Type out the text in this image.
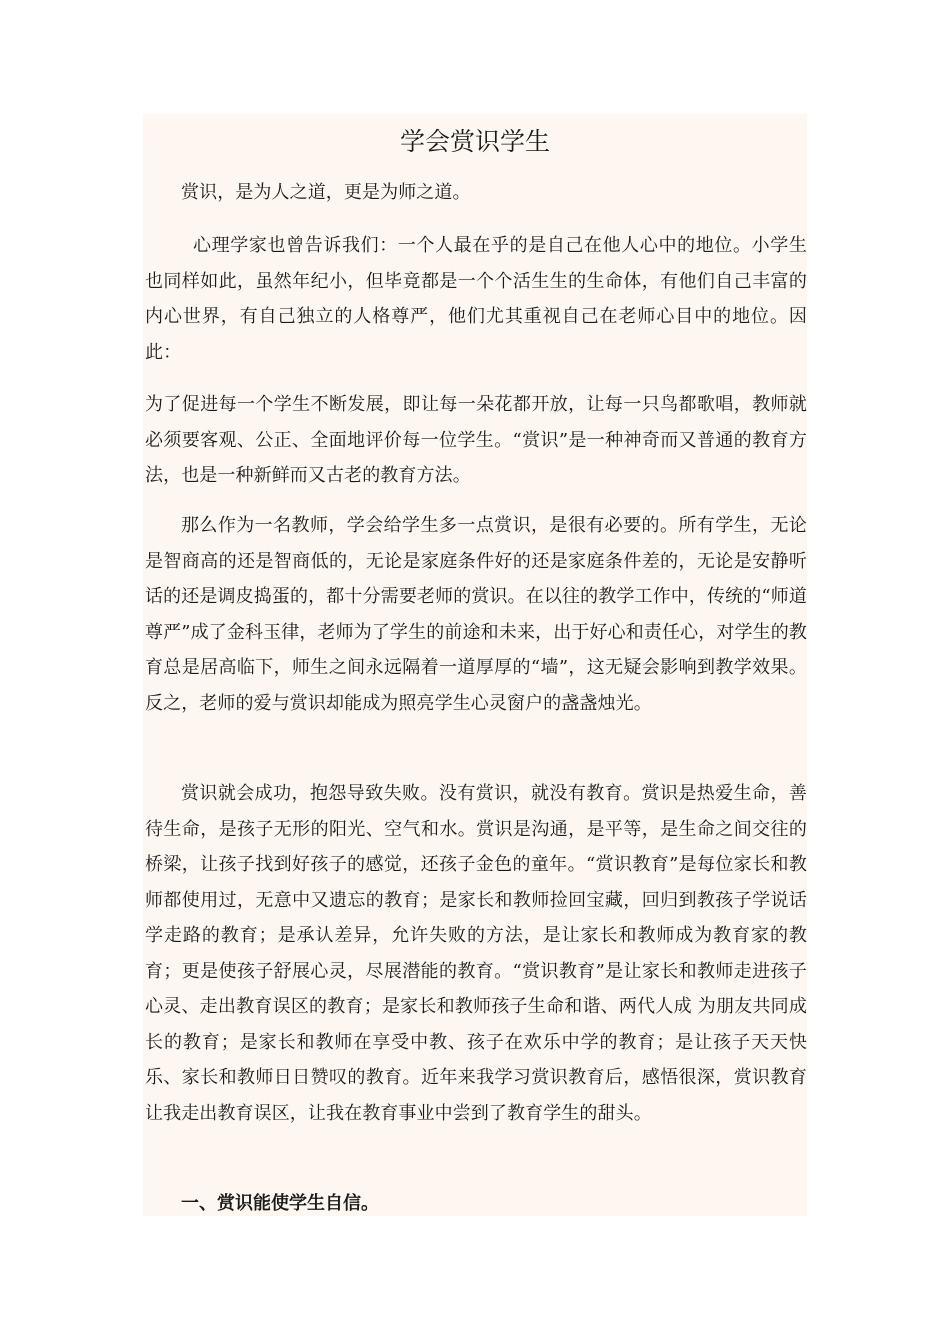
学会赏识学生

赏识，是为人之道，更是为师之道。

心理学家也曾告诉我们：一个人最在乎的是自己在他人心中的地位。小学生也同样如此，虽然年纪小，但毕竟都是一个个活生生的生命体，有他们自己丰富的内心世界，有自己独立的人格尊严，他们尤其重视自己在老师心目中的地位。因此：

为了促进每一个学生不断发展，即让每一朵花都开放，让每一只鸟都歌唱，教师就必须要客观、公正、全面地评价每一位学生。“赏识”是一种神奇而又普通的教育方法，也是一种新鲜而又古老的教育方法。

那么作为一名教师，学会给学生多一点赏识，是很有必要的。所有学生，无论是智商高的还是智商低的，无论是家庭条件好的还是家庭条件差的，无论是安静听话的还是调皮捣蛋的，都十分需要老师的赏识。在以往的教学工作中，传统的“师道尊严”成了金科玉律，老师为了学生的前途和未来，出于好心和责任心，对学生的教育总是居高临下，师生之间永远隔着一道厚厚的“墙”，这无疑会影响到教学效果。反之，老师的爱与赏识却能成为照亮学生心灵窗户的盏盏烛光。

赏识就会成功，抱怨导致失败。没有赏识，就没有教育。赏识是热爱生命，善待生命，是孩子无形的阳光、空气和水。赏识是沟通，是平等，是生命之间交往的桥梁，让孩子找到好孩子的感觉，还孩子金色的童年。“赏识教育”是每位家长和教师都使用过，无意中又遗忘的教育；是家长和教师捡回宝藏，回归到教孩子学说话学走路的教育；是承认差异，允许失败的方法，是让家长和教师成为教育家的教育；更是使孩子舒展心灵，尽展潜能的教育。“赏识教育”是让家长和教师走进孩子心灵、走出教育误区的教育；是家长和教师孩子生命和谐、两代人成 为朋友共同成长的教育；是家长和教师在享受中教、孩子在欢乐中学的教育；是让孩子天天快乐、家长和教师日日赞叹的教育。近年来我学习赏识教育后，感悟很深，赏识教育让我走出教育误区，让我在教育事业中尝到了教育学生的甜头。

一、赏识能使学生自信。
